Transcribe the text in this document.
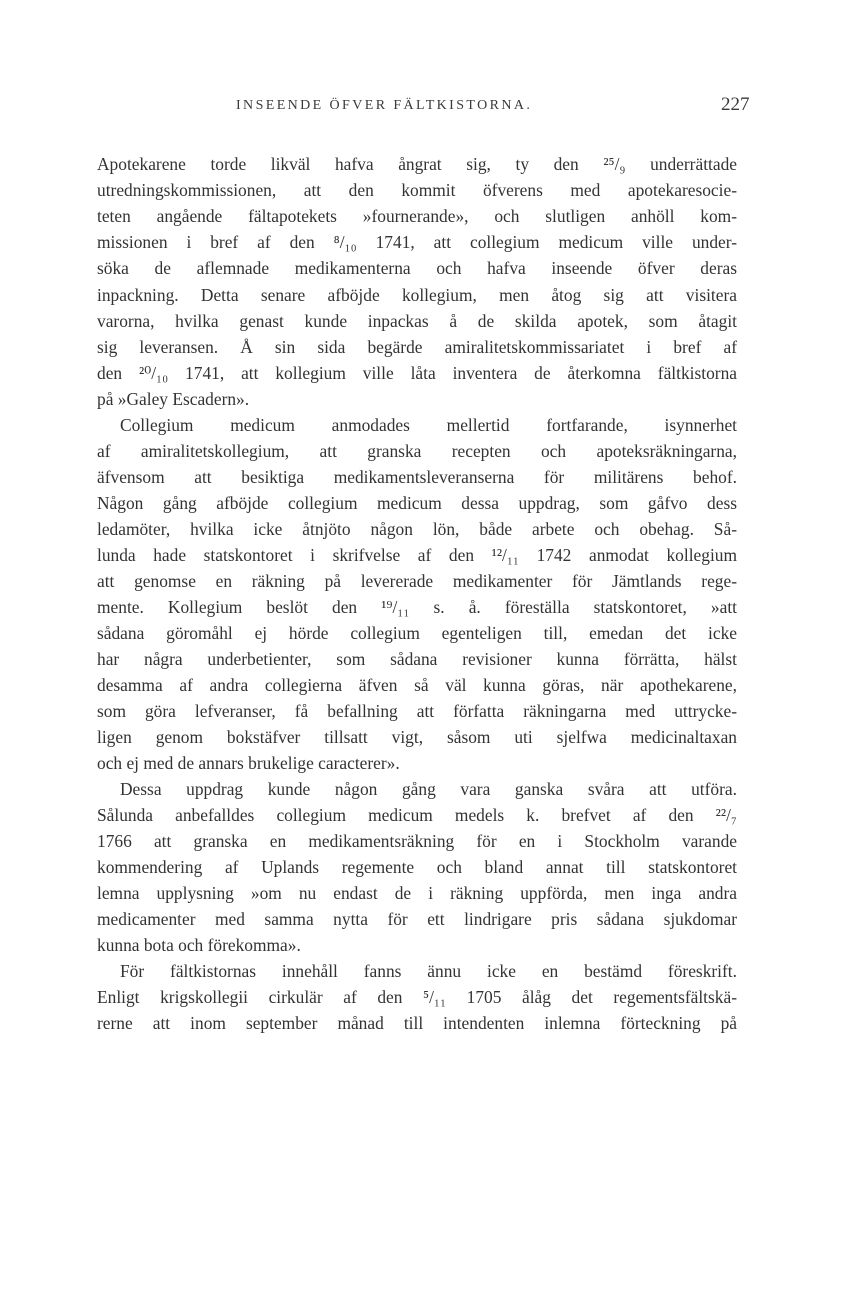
INSEENDE ÖFVER FÄLTKISTORNA.	227
Apotekarene torde likväl hafva ångrat sig, ty den ²⁵/₉ underrättade
utredningskommissionen, att den kommit öfverens med apotekaresocie-
teten angående fältapotekets »fournerande», och slutligen anhöll kom-
missionen i bref af den ⁸/₁₀ 1741, att collegium medicum ville under-
söka de aflemnade medikamenterna och hafva inseende öfver deras
inpackning. Detta senare afböjde kollegium, men åtog sig att visitera
varorna, hvilka genast kunde inpackas å de skilda apotek, som åtagit
sig leveransen. Å sin sida begärde amiralitetskommissariatet i bref af
den ²⁰/₁₀ 1741, att kollegium ville låta inventera de återkomna fältkistorna
på »Galey Escadern».
Collegium medicum anmodades mellertid fortfarande, isynnerhet
af amiralitetskollegium, att granska recepten och apoteksräkningarna,
äfvensom att besiktiga medikamentsleveranserna för militärens behof.
Någon gång afböjde collegium medicum dessa uppdrag, som gåfvo dess
ledamöter, hvilka icke åtnjöto någon lön, både arbete och obehag. Så-
lunda hade statskontoret i skrifvelse af den ¹²/₁₁ 1742 anmodat kollegium
att genomse en räkning på levererade medikamenter för Jämtlands rege-
mente. Kollegium beslöt den ¹⁹/₁₁ s. å. föreställa statskontoret, »att
sådana göromåhl ej hörde collegium egenteligen till, emedan det icke
har några underbetienter, som sådana revisioner kunna förrätta, hälst
desamma af andra collegierna äfven så väl kunna göras, när apothekarene,
som göra lefveranser, få befallning att författa räkningarna med uttrycke-
ligen genom bokstäfver tillsatt vigt, såsom uti sjelfwa medicinaltaxan
och ej med de annars brukelige caracterer».
Dessa uppdrag kunde någon gång vara ganska svåra att utföra.
Sålunda anbefalldes collegium medicum medels k. brefvet af den ²²/₇
1766 att granska en medikamentsräkning för en i Stockholm varande
kommendering af Uplands regemente och bland annat till statskontoret
lemna upplysning »om nu endast de i räkning uppförda, men inga andra
medicamenter med samma nytta för ett lindrigare pris sådana sjukdomar
kunna bota och förekomma».
För fältkistornas innehåll fanns ännu icke en bestämd föreskrift.
Enligt krigskollegii cirkulär af den ⁵/₁₁ 1705 ålåg det regementsfältskä-
rerne att inom september månad till intendenten inlemna förteckning på
